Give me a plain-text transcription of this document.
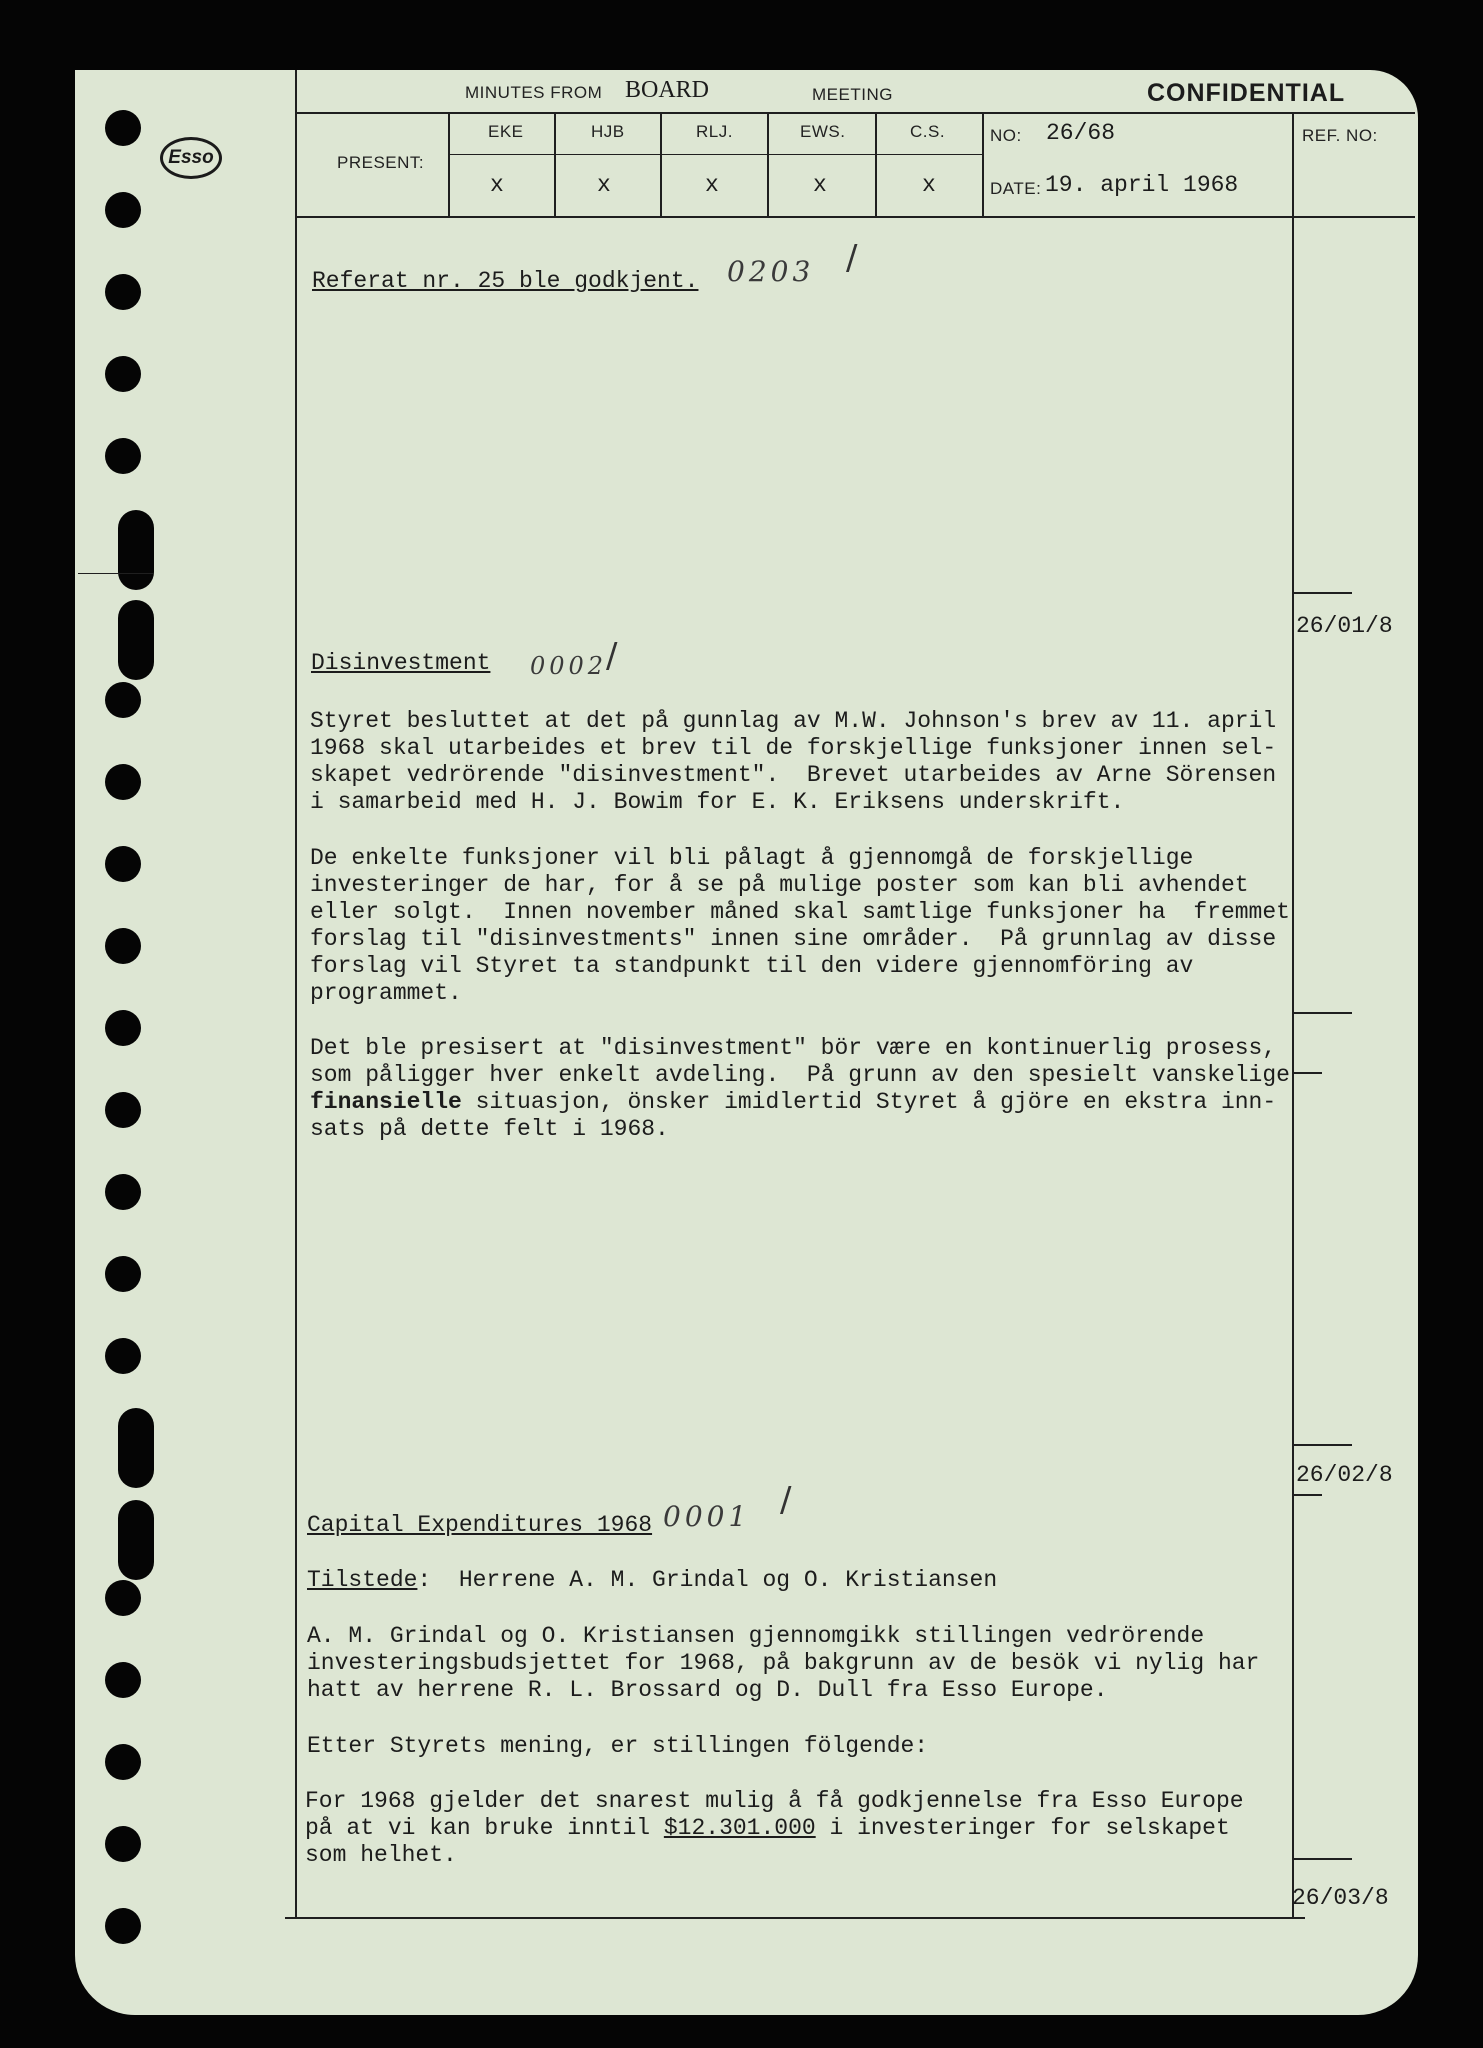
Esso
MINUTES FROM BOARD	MEETING	CONFIDENTIAL
PRESENT:
EKE	HJB	RLJ.	EWS.	C.S.
x	x	x	x	x
NO: 26/68
DATE: 19. april 1968
REF. NO:
Referat nr. 25 ble godkjent. 0203 /
26/01/8
Disinvestment 0002
/
Styret besluttet at det på gunnlag av M.W. Johnson's brev av 11. april
1968 skal utarbeides et brev til de forskjellige funksjoner innen sel-
skapet vedrörende "disinvestment".  Brevet utarbeides av Arne Sörensen
i samarbeid med H. J. Bowim for E. K. Eriksens underskrift.
De enkelte funksjoner vil bli pålagt å gjennomgå de forskjellige
investeringer de har, for å se på mulige poster som kan bli avhendet
eller solgt.  Innen november måned skal samtlige funksjoner ha  fremmet
forslag til "disinvestments" innen sine områder.  På grunnlag av disse
forslag vil Styret ta standpunkt til den videre gjennomföring av
programmet.
Det ble presisert at "disinvestment" bör være en kontinuerlig prosess,
som påligger hver enkelt avdeling.  På grunn av den spesielt vanskelige
finansielle situasjon, önsker imidlertid Styret å gjöre en ekstra inn-
sats på dette felt i 1968.
26/02/8
Capital Expenditures 1968 0001 /
Tilstede:  Herrene A. M. Grindal og O. Kristiansen
A. M. Grindal og O. Kristiansen gjennomgikk stillingen vedrörende
investeringsbudsjettet for 1968, på bakgrunn av de besök vi nylig har
hatt av herrene R. L. Brossard og D. Dull fra Esso Europe.
Etter Styrets mening, er stillingen fölgende:
For 1968 gjelder det snarest mulig å få godkjennelse fra Esso Europe
på at vi kan bruke inntil $12.301.000 i investeringer for selskapet
som helhet.
26/03/8
